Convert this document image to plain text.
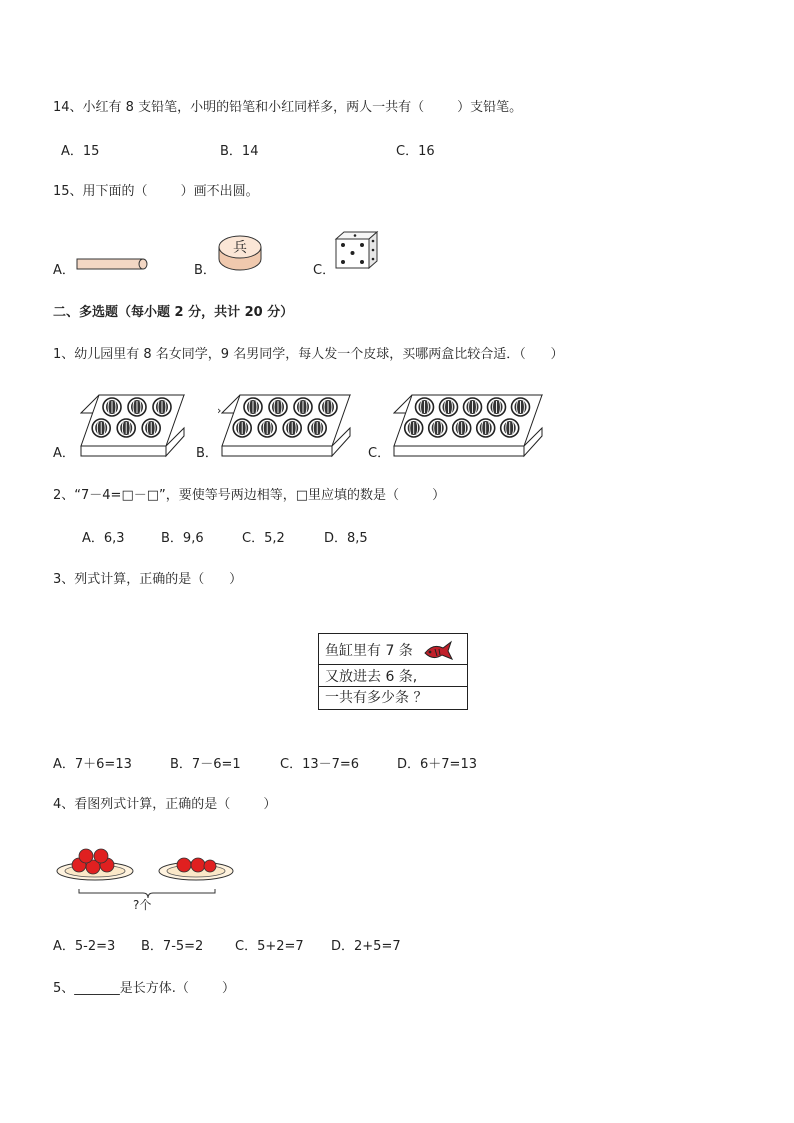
14、小红有 8 支铅笔，小明的铅笔和小红同样多，两人一共有（        ）支铅笔。
A．15	B．14	C．16
15、用下面的（        ）画不出圆。
A．	B．
兵
C．
二、多选题（每小题 2 分，共计 20 分）
1、幼儿园里有 8 名女同学，9 名男同学，每人发一个皮球，买哪两盒比较合适．（      ）
A．	B．
›
C．
2、“7－4=□－□”，要使等号两边相等，□里应填的数是（        ）
A．6,3	B．9,6	C．5,2	D．8,5
3、列式计算，正确的是（      ）
鱼缸里有 7 条
又放进去 6 条,
一共有多少条 ？
A．7＋6=13	B．7－6=1	C．13－7=6	D．6＋7=13
4、看图列式计算，正确的是（        ）
?个
A．5-2=3 B．7-5=2 C．5+2=7 D．2+5=7
5、_______是长方体.（        ）
